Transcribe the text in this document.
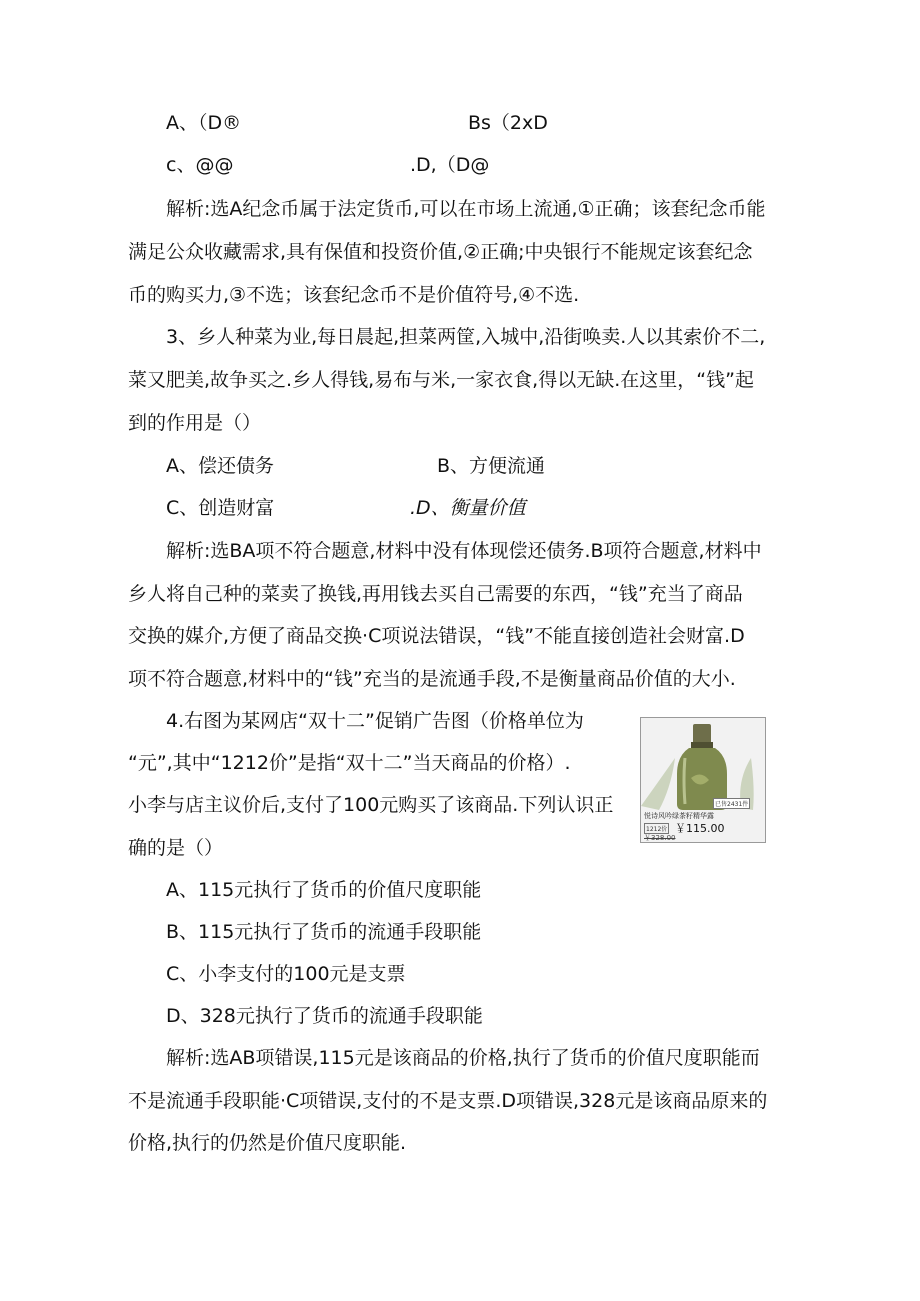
A、（D®	Bs（2xD
c、@@	.D,（D@
解析:选A纪念币属于法定货币,可以在市场上流通,①正确；该套纪念币能
满足公众收藏需求,具有保值和投资价值,②正确;中央银行不能规定该套纪念
币的购买力,③不选；该套纪念币不是价值符号,④不选.
3、乡人种菜为业,每日晨起,担菜两筐,入城中,沿街唤卖.人以其索价不二,
菜又肥美,故争买之.乡人得钱,易布与米,一家衣食,得以无缺.在这里，“钱”起
到的作用是（）
A、偿还债务	B、方便流通
C、创造财富	.D、衡量价值
解析:选BA项不符合题意,材料中没有体现偿还债务.B项符合题意,材料中
乡人将自己种的菜卖了换钱,再用钱去买自己需要的东西，“钱”充当了商品
交换的媒介,方便了商品交换·C项说法错误，“钱”不能直接创造社会财富.D
项不符合题意,材料中的“钱”充当的是流通手段,不是衡量商品价值的大小.
4.右图为某网店“双十二”促销广告图（价格单位为
“元”,其中“1212价”是指“双十二”当天商品的价格）.
小李与店主议价后,支付了100元购买了该商品.下列认识正
确的是（）
A、115元执行了货币的价值尺度职能
B、115元执行了货币的流通手段职能
C、小李支付的100元是支票
D、328元执行了货币的流通手段职能
解析:选AB项错误,115元是该商品的价格,执行了货币的价值尺度职能而
不是流通手段职能·C项错误,支付的不是支票.D项错误,328元是该商品原来的
价格,执行的仍然是价值尺度职能.
已售2431件
悦诗风吟绿茶籽精华露
1212价 ￥115.00
￥328.00
